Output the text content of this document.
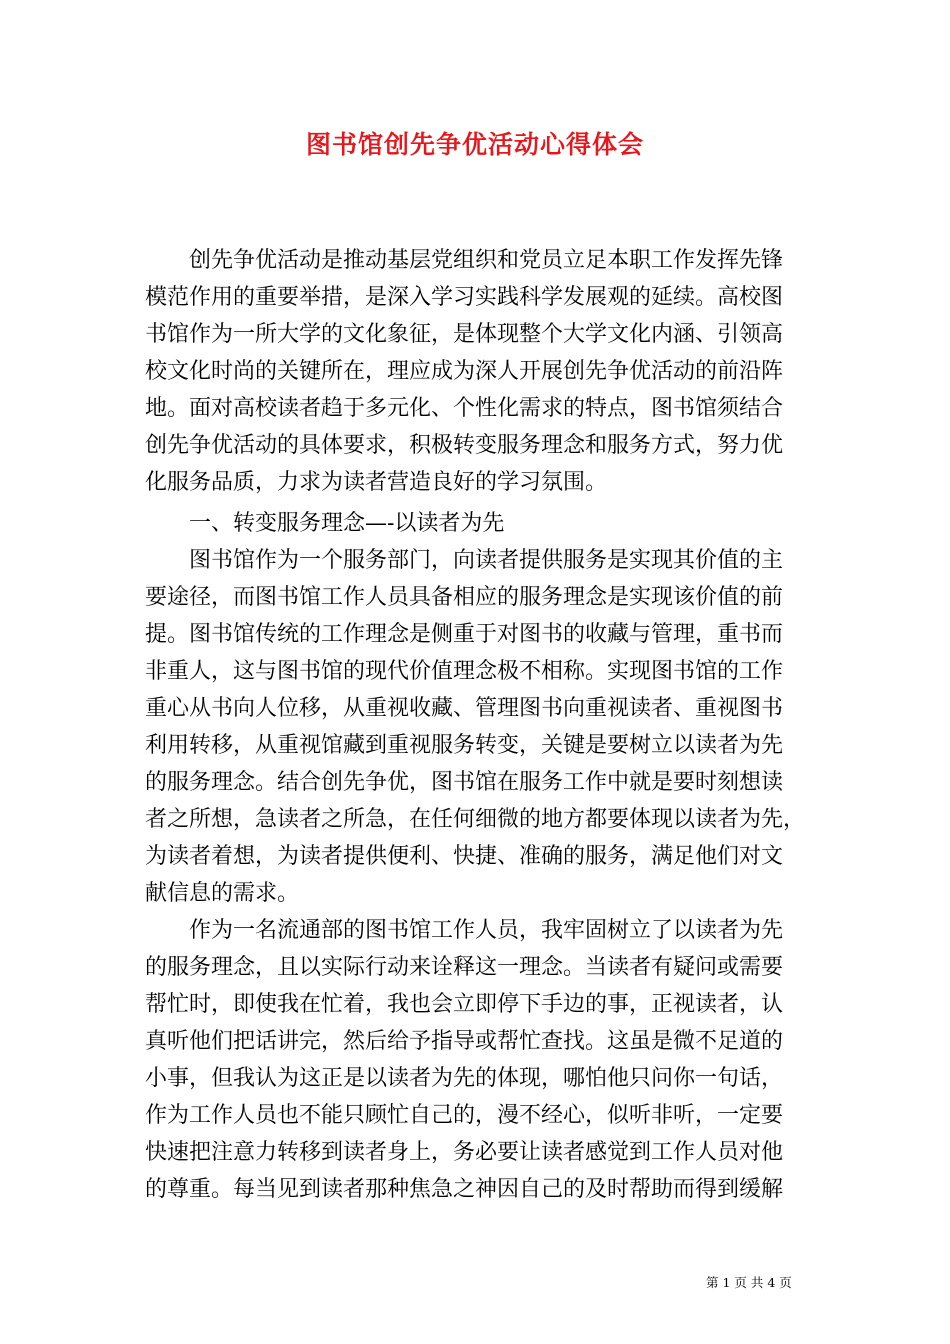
图书馆创先争优活动心得体会
创先争优活动是推动基层党组织和党员立足本职工作发挥先锋
模范作用的重要举措，是深入学习实践科学发展观的延续。高校图
书馆作为一所大学的文化象征，是体现整个大学文化内涵、引领高
校文化时尚的关键所在，理应成为深人开展创先争优活动的前沿阵
地。面对高校读者趋于多元化、个性化需求的特点，图书馆须结合
创先争优活动的具体要求，积极转变服务理念和服务方式，努力优
化服务品质，力求为读者营造良好的学习氛围。
一、转变服务理念—-以读者为先
图书馆作为一个服务部门，向读者提供服务是实现其价值的主
要途径，而图书馆工作人员具备相应的服务理念是实现该价值的前
提。图书馆传统的工作理念是侧重于对图书的收藏与管理，重书而
非重人，这与图书馆的现代价值理念极不相称。实现图书馆的工作
重心从书向人位移，从重视收藏、管理图书向重视读者、重视图书
利用转移，从重视馆藏到重视服务转变，关键是要树立以读者为先
的服务理念。结合创先争优，图书馆在服务工作中就是要时刻想读
者之所想，急读者之所急，在任何细微的地方都要体现以读者为先，
为读者着想，为读者提供便利、快捷、准确的服务，满足他们对文
献信息的需求。
作为一名流通部的图书馆工作人员，我牢固树立了以读者为先
的服务理念，且以实际行动来诠释这一理念。当读者有疑问或需要
帮忙时，即使我在忙着，我也会立即停下手边的事，正视读者，认
真听他们把话讲完，然后给予指导或帮忙查找。这虽是微不足道的
小事，但我认为这正是以读者为先的体现，哪怕他只问你一句话，
作为工作人员也不能只顾忙自己的，漫不经心，似听非听，一定要
快速把注意力转移到读者身上，务必要让读者感觉到工作人员对他
的尊重。每当见到读者那种焦急之神因自己的及时帮助而得到缓解
第 1 页 共 4 页
